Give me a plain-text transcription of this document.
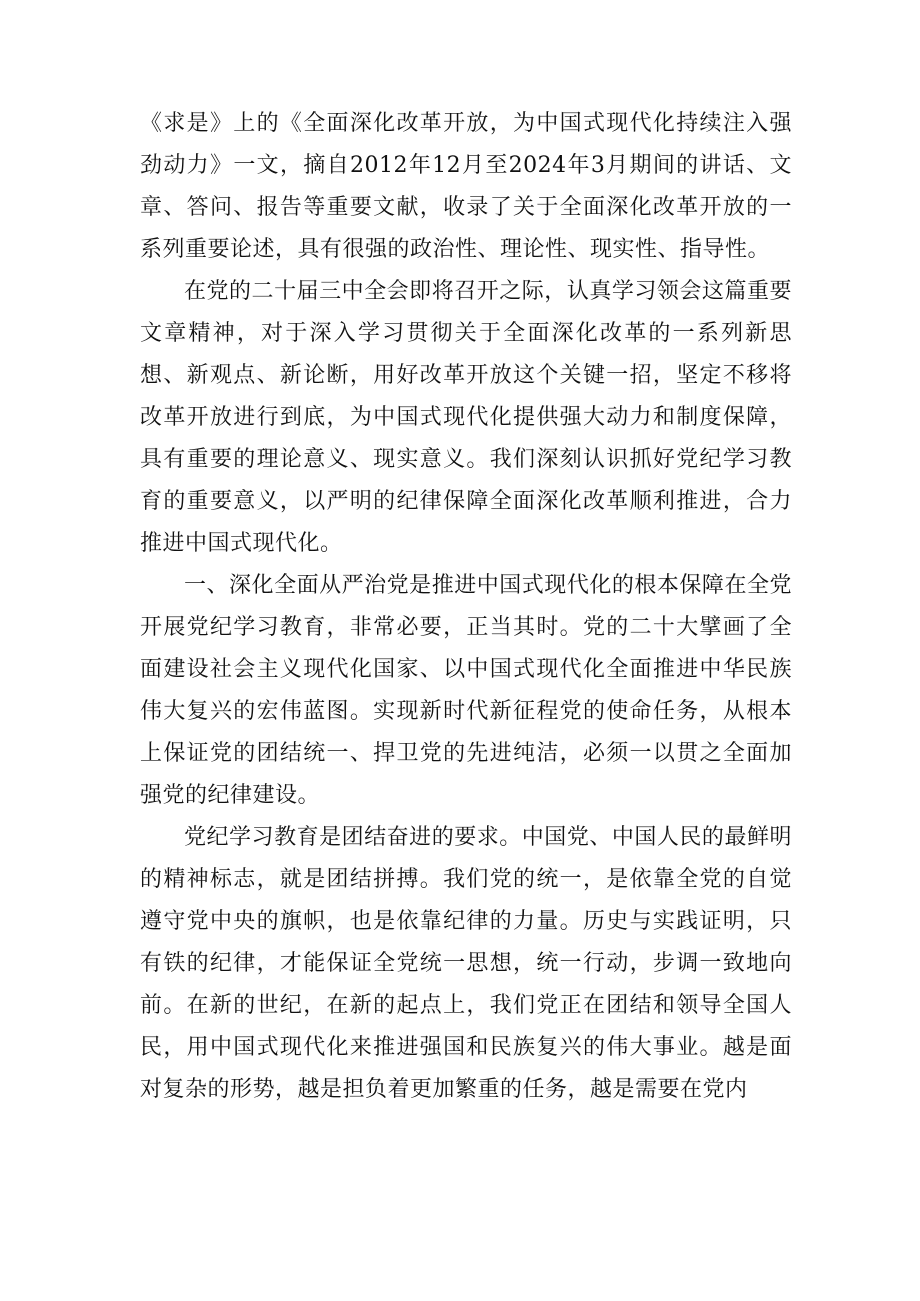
《求是》上的《全面深化改革开放，为中国式现代化持续注入强劲动力》一文，摘自2012年12月至2024年3月期间的讲话、文章、答问、报告等重要文献，收录了关于全面深化改革开放的一系列重要论述，具有很强的政治性、理论性、现实性、指导性。

在党的二十届三中全会即将召开之际，认真学习领会这篇重要文章精神，对于深入学习贯彻关于全面深化改革的一系列新思想、新观点、新论断，用好改革开放这个关键一招，坚定不移将改革开放进行到底，为中国式现代化提供强大动力和制度保障，具有重要的理论意义、现实意义。我们深刻认识抓好党纪学习教育的重要意义，以严明的纪律保障全面深化改革顺利推进，合力推进中国式现代化。

一、深化全面从严治党是推进中国式现代化的根本保障在全党开展党纪学习教育，非常必要，正当其时。党的二十大擘画了全面建设社会主义现代化国家、以中国式现代化全面推进中华民族伟大复兴的宏伟蓝图。实现新时代新征程党的使命任务，从根本上保证党的团结统一、捍卫党的先进纯洁，必须一以贯之全面加强党的纪律建设。

党纪学习教育是团结奋进的要求。中国党、中国人民的最鲜明的精神标志，就是团结拼搏。我们党的统一，是依靠全党的自觉遵守党中央的旗帜，也是依靠纪律的力量。历史与实践证明，只有铁的纪律，才能保证全党统一思想，统一行动，步调一致地向前。在新的世纪，在新的起点上，我们党正在团结和领导全国人民，用中国式现代化来推进强国和民族复兴的伟大事业。越是面对复杂的形势，越是担负着更加繁重的任务，越是需要在党内
